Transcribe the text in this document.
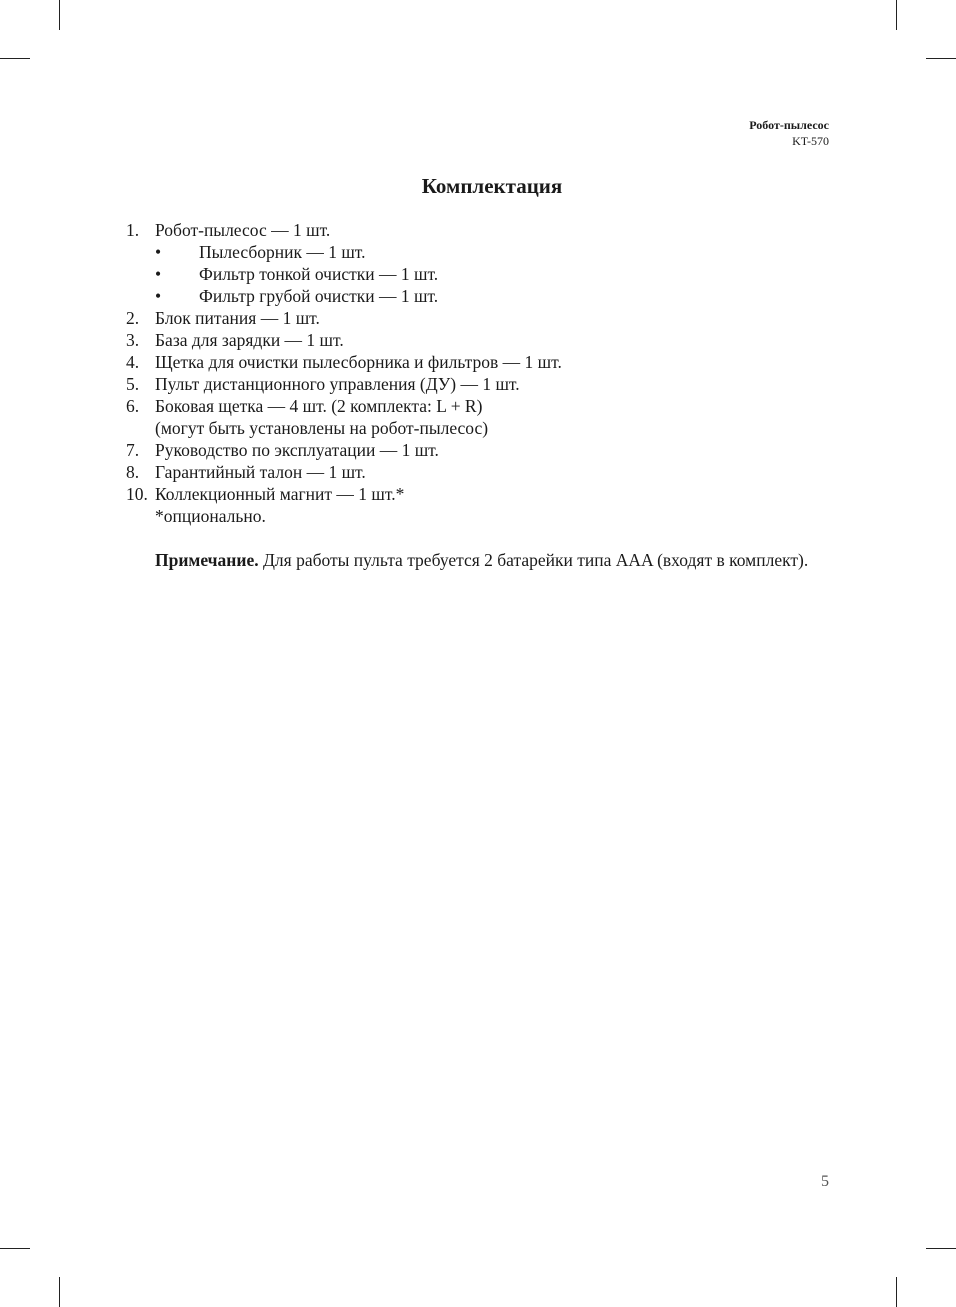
Робот-пылесос
KT-570
Комплектация
1. Робот-пылесос — 1 шт.
•	Пылесборник — 1 шт.
•	Фильтр тонкой очистки — 1 шт.
•	Фильтр грубой очистки — 1 шт.
2. Блок питания — 1 шт.
3. База для зарядки — 1 шт.
4. Щетка для очистки пылесборника и фильтров — 1 шт.
5. Пульт дистанционного управления (ДУ) — 1 шт.
6. Боковая щетка — 4 шт. (2 комплекта: L + R)
(могут быть установлены на робот-пылесос)
7. Руководство по эксплуатации — 1 шт.
8. Гарантийный талон — 1 шт.
10. Коллекционный магнит — 1 шт.*
*опционально.
Примечание. Для работы пульта требуется 2 батарейки типа AAA (входят в комплект).
5
